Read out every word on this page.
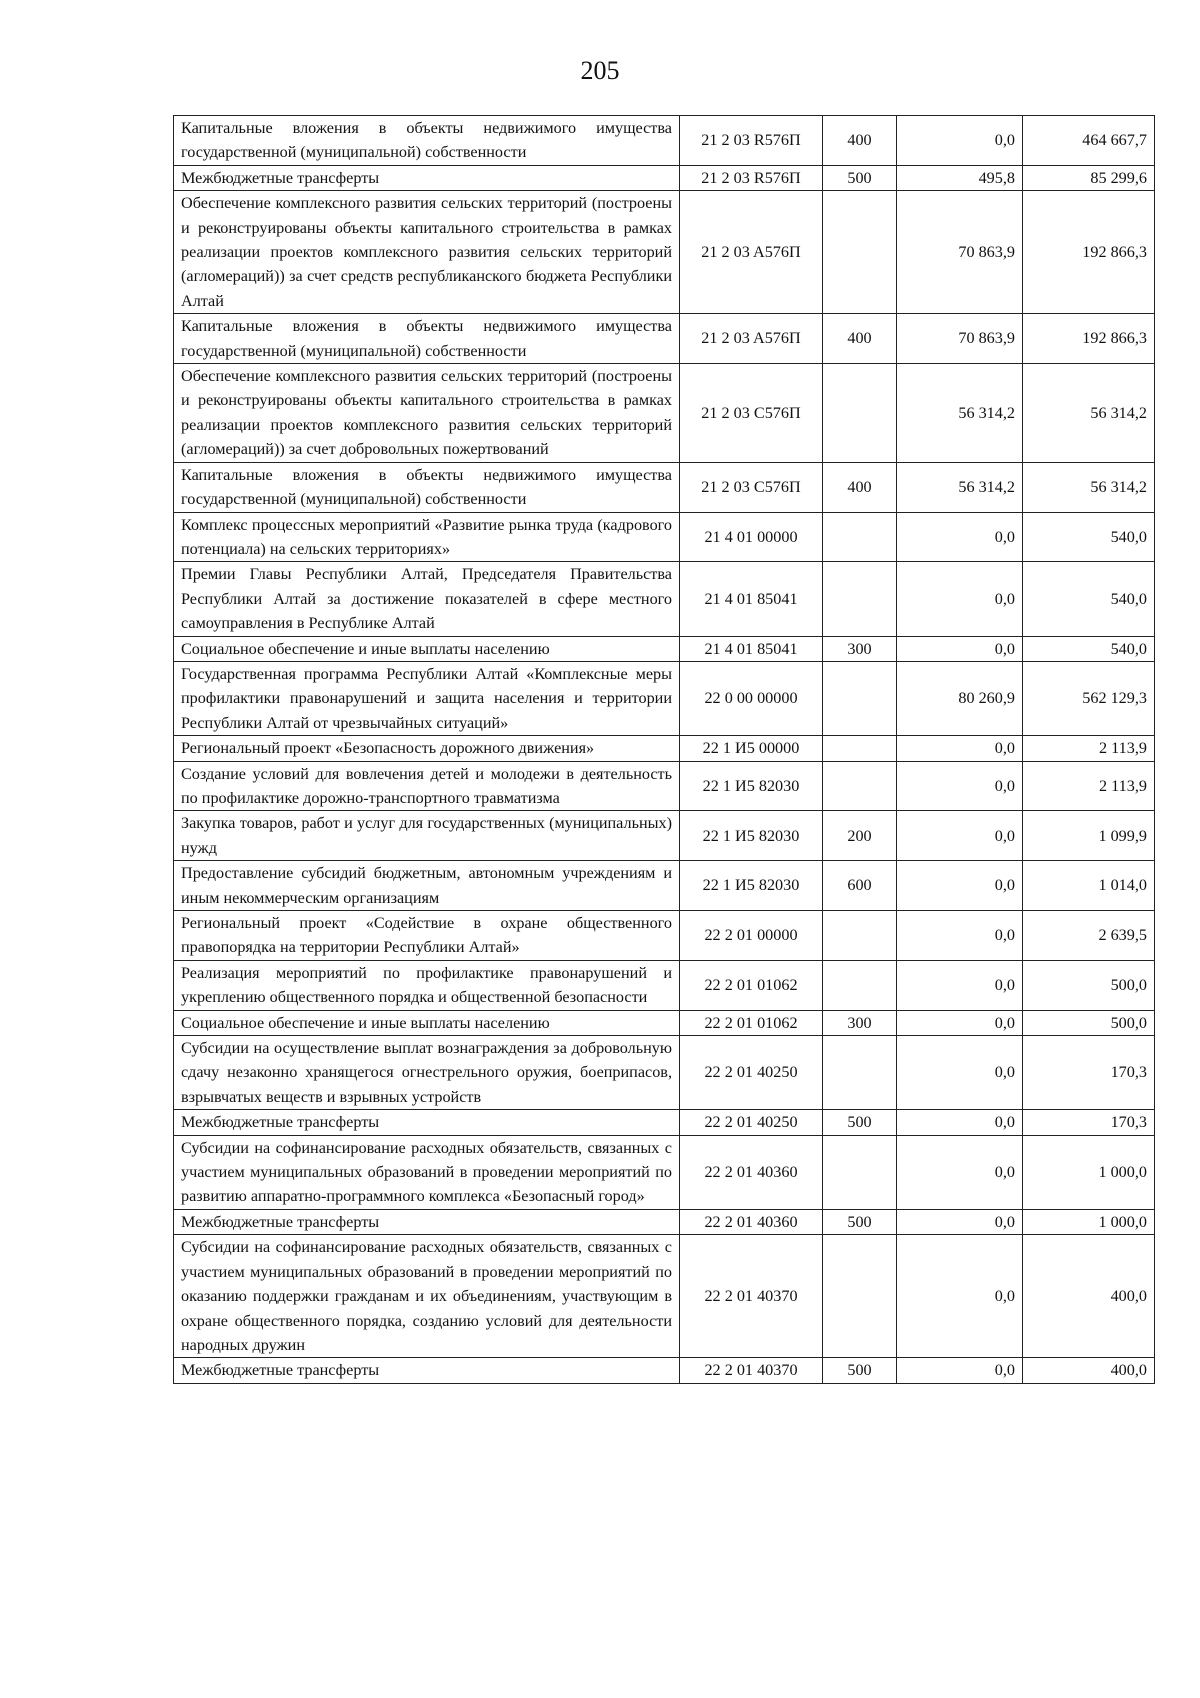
205
Капитальные вложения в объекты недвижимого имущества государственной (муниципальной) собственности	21 2 03 R576П	400	0,0	464 667,7
Межбюджетные трансферты	21 2 03 R576П	500	495,8	85 299,6
Обеспечение комплексного развития сельских территорий (построены и реконструированы объекты капитального строительства в рамках реализации проектов комплексного развития сельских территорий (агломераций)) за счет средств республиканского бюджета Республики Алтай	21 2 03 A576П		70 863,9	192 866,3
Капитальные вложения в объекты недвижимого имущества государственной (муниципальной) собственности	21 2 03 A576П	400	70 863,9	192 866,3
Обеспечение комплексного развития сельских территорий (построены и реконструированы объекты капитального строительства в рамках реализации проектов комплексного развития сельских территорий (агломераций)) за счет добровольных пожертвований	21 2 03 C576П		56 314,2	56 314,2
Капитальные вложения в объекты недвижимого имущества государственной (муниципальной) собственности	21 2 03 C576П	400	56 314,2	56 314,2
Комплекс процессных мероприятий «Развитие рынка труда (кадрового потенциала) на сельских территориях»	21 4 01 00000		0,0	540,0
Премии Главы Республики Алтай, Председателя Правительства Республики Алтай за достижение показателей в сфере местного самоуправления в Республике Алтай	21 4 01 85041		0,0	540,0
Социальное обеспечение и иные выплаты населению	21 4 01 85041	300	0,0	540,0
Государственная программа Республики Алтай «Комплексные меры профилактики правонарушений и защита населения и территории Республики Алтай от чрезвычайных ситуаций»	22 0 00 00000		80 260,9	562 129,3
Региональный проект «Безопасность дорожного движения»	22 1 И5 00000		0,0	2 113,9
Создание условий для вовлечения детей и молодежи в деятельность по профилактике дорожно-транспортного травматизма	22 1 И5 82030		0,0	2 113,9
Закупка товаров, работ и услуг для государственных (муниципальных) нужд	22 1 И5 82030	200	0,0	1 099,9
Предоставление субсидий бюджетным, автономным учреждениям и иным некоммерческим организациям	22 1 И5 82030	600	0,0	1 014,0
Региональный проект «Содействие в охране общественного правопорядка на территории Республики Алтай»	22 2 01 00000		0,0	2 639,5
Реализация мероприятий по профилактике правонарушений и укреплению общественного порядка и общественной безопасности	22 2 01 01062		0,0	500,0
Социальное обеспечение и иные выплаты населению	22 2 01 01062	300	0,0	500,0
Субсидии на осуществление выплат вознаграждения за добровольную сдачу незаконно хранящегося огнестрельного оружия, боеприпасов, взрывчатых веществ и взрывных устройств	22 2 01 40250		0,0	170,3
Межбюджетные трансферты	22 2 01 40250	500	0,0	170,3
Субсидии на софинансирование расходных обязательств, связанных с участием муниципальных образований в проведении мероприятий по развитию аппаратно-программного комплекса «Безопасный город»	22 2 01 40360		0,0	1 000,0
Межбюджетные трансферты	22 2 01 40360	500	0,0	1 000,0
Субсидии на софинансирование расходных обязательств, связанных с участием муниципальных образований в проведении мероприятий по оказанию поддержки гражданам и их объединениям, участвующим в охране общественного порядка, созданию условий для деятельности народных дружин	22 2 01 40370		0,0	400,0
Межбюджетные трансферты	22 2 01 40370	500	0,0	400,0
